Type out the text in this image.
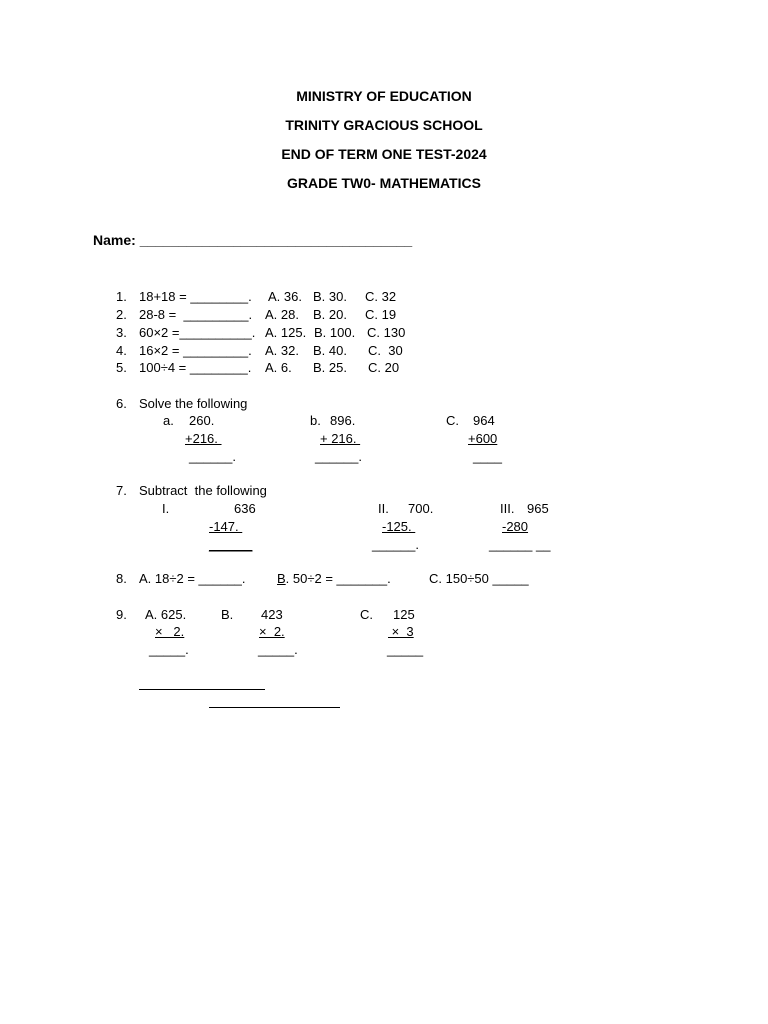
MINISTRY OF EDUCATION
TRINITY GRACIOUS SCHOOL
END OF TERM ONE TEST-2024
GRADE TW0- MATHEMATICS
Name: ___________________________________
1. 18+18 = ________. A. 36. B. 30. C. 32
2. 28-8 =  _________. A. 28. B. 20. C. 19
3. 60×2 =__________. A. 125. B. 100. C. 130
4. 16×2 = _________. A. 32. B. 40. C.  30
5. 100÷4 = ________. A. 6. B. 25. C. 20
6. Solve the following
a. 260.
+216.
______.
b. 896.
+ 216.
______.
C. 964
+600
____
7. Subtract  the following
I.	636
-147.
______
II. 700.
-125.
______.
III. 965
-280
______ __
8. A. 18÷2 = ______. B. 50÷2 = _______.	C. 150÷50 _____
9. A. 625.
×   2.
_____.
B. 423
×  2.
_____.
C. 125
×  3
_____
